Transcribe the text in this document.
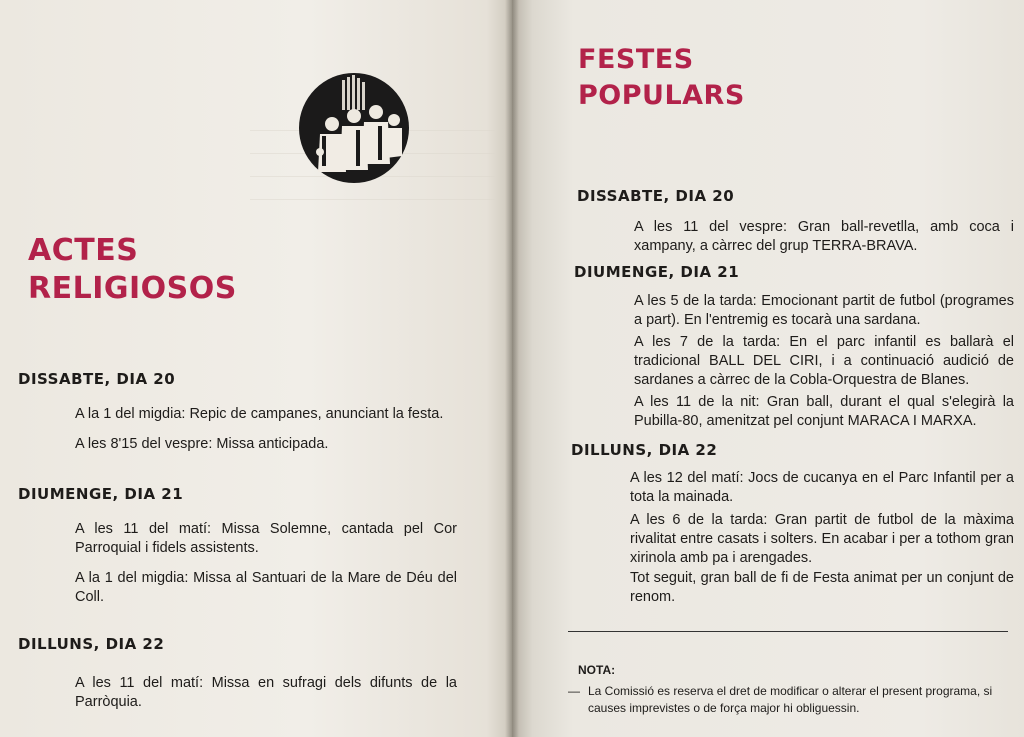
ACTES
RELIGIOSOS
DISSABTE, DIA 20
A la 1 del migdia: Repic de campanes, anunciant la festa.
A les 8'15 del vespre: Missa anticipada.
DIUMENGE, DIA 21
A les 11 del matí: Missa Solemne, cantada pel Cor Parroquial i fidels assistents.
A la 1 del migdia: Missa al Santuari de la Mare de Déu del Coll.
DILLUNS, DIA 22
A les 11 del matí: Missa en sufragi dels difunts de la Parròquia.
FESTES
POPULARS
DISSABTE, DIA 20
A les 11 del vespre: Gran ball-revetlla, amb coca i xampany, a càrrec del grup TERRA-BRAVA.
DIUMENGE, DIA 21
A les 5 de la tarda: Emocionant partit de futbol (programes a part). En l'entremig es tocarà una sardana.
A les 7 de la tarda: En el parc infantil es ballarà el tradicional BALL DEL CIRI, i a continuació audició de sardanes a càrrec de la Cobla-Orquestra de Blanes.
A les 11 de la nit: Gran ball, durant el qual s'elegirà la Pubilla-80, amenitzat pel conjunt MARACA I MARXA.
DILLUNS, DIA 22
A les 12 del matí: Jocs de cucanya en el Parc Infantil per a tota la mainada.
A les 6 de la tarda: Gran partit de futbol de la màxima rivalitat entre casats i solters. En acabar i per a tothom gran xirinola amb pa i arengades.
Tot seguit, gran ball de fi de Festa animat per un conjunt de renom.
NOTA:
— La Comissió es reserva el dret de modificar o alterar el present programa, si
causes imprevistes o de força major hi obliguessin.
